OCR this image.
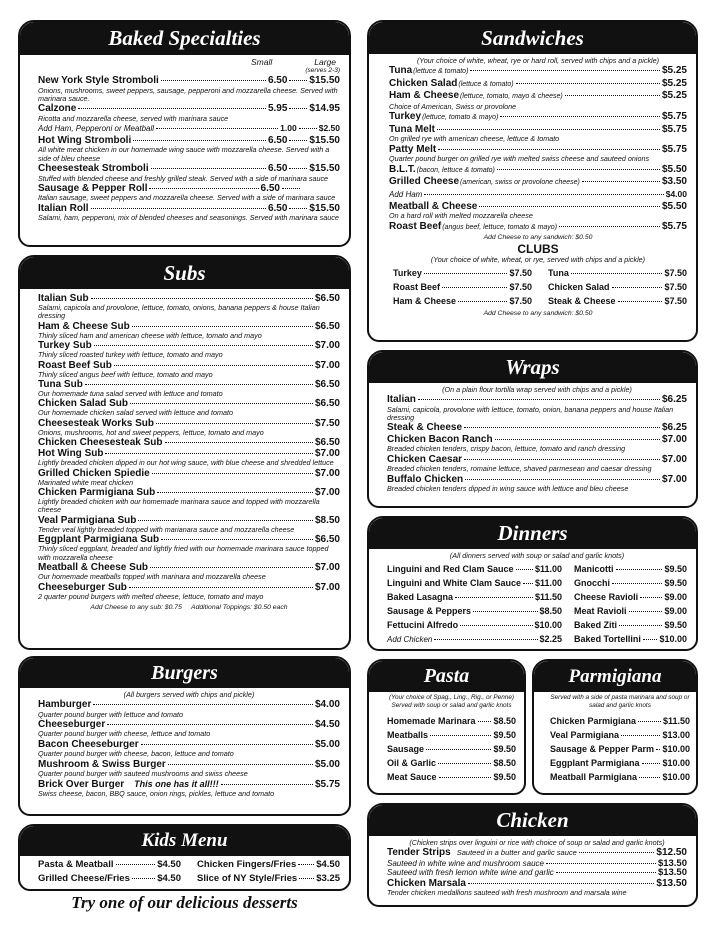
Baked Specialties
Small	Large
(serves 2-3)
New York Style Stromboli	6.50 $15.50
Onions, mushrooms, sweet peppers, sausage, pepperoni and mozzarella cheese. Served with marinara sauce.
Calzone	5.95 $14.95
Ricotta and mozzarella cheese, served with marinara sauce
Add Ham, Pepperoni or Meatball	1.00	$2.50
Hot Wing Stromboli	6.50 $15.50
All white meat chicken in our homemade wing sauce with mozzarella cheese. Served with a side of bleu cheese
Cheesesteak Stromboli	6.50 $15.50
Stuffed with blended cheese and freshly grilled steak. Served with a side of marinara sauce
Sausage & Pepper Roll	6.50
Italian sausage, sweet peppers and mozzarella cheese. Served with a side of marinara sauce
Italian Roll	6.50 $15.50
Salami, ham, pepperoni, mix of blended cheeses and seasonings. Served with marinara sauce
Subs
Italian Sub	$6.50
Salami, capicola and provolone, lettuce, tomato, onions, banana peppers & house Italian dressing
Ham & Cheese Sub	$6.50
Thinly sliced ham and american cheese with lettuce, tomato and mayo
Turkey Sub	$7.00
Thinly sliced roasted turkey with lettuce, tomato and mayo
Roast Beef Sub	$7.00
Thinly sliced angus beef with lettuce, tomato and mayo
Tuna Sub	$6.50
Our homemade tuna salad served with lettuce and tomato
Chicken Salad Sub	$6.50
Our homemade chicken salad served with lettuce and tomato
Cheesesteak Works Sub	$7.50
Onions, mushrooms, hot and sweet peppers, lettuce, tomato and mayo
Chicken Cheesesteak Sub	$6.50
Hot Wing Sub	$7.00
Lightly breaded chicken dipped in our hot wing sauce, with blue cheese and shredded lettuce
Grilled Chicken Spiedie	$7.00
Marinated white meat chicken
Chicken Parmigiana Sub	$7.00
Lightly breaded chicken with our homemade marinara sauce and topped with mozzarella cheese
Veal Parmigiana Sub	$8.50
Tender veal lightly breaded topped with marianara sauce and mozzarella cheese
Eggplant Parmigiana Sub	$6.50
Thinly sliced eggplant, breaded and lightly fried with our homemade marinara sauce topped with mozzarella cheese
Meatball & Cheese Sub	$7.00
Our homemade meatballs topped with marinara and mozzarella cheese
Cheeseburger Sub	$7.00
2 quarter pound burgers with melted cheese, lettuce, tomato and mayo
Add Cheese to any sub: $0.75     Additional Toppings: $0.50 each
Burgers
(All burgers served with chips and pickle)
Hamburger	$4.00
Quarter pound burger with lettuce and tomato
Cheeseburger	$4.50
Quarter pound burger with cheese, lettuce and tomato
Bacon Cheeseburger	$5.00
Quarter pound burger with cheese, bacon, lettuce and tomato
Mushroom & Swiss Burger	$5.00
Quarter pound burger with sauteed mushrooms and swiss cheese
Brick Over Burger This one has it all!!!	$5.75
Swiss cheese, bacon, BBQ sauce, onion rings, pickles, lettuce and tomato
Kids Menu
Pasta & Meatball	$4.50
Grilled Cheese/Fries	$4.50
Chicken Fingers/Fries $4.50
Slice of NY Style/Fries $3.25
Try one of our delicious desserts
Sandwiches
(Your choice of white, wheat, rye or hard roll, served with chips and a pickle)
Tuna (lettuce & tomato)	$5.25
Chicken Salad (lettuce & tomato)	$5.25
Ham & Cheese (lettuce, tomato, mayo & cheese)	$5.25
Choice of American, Swiss or provolone
Turkey (lettuce, tomato & mayo)	$5.75
Tuna Melt	$5.75
On grilled rye with american cheese, lettuce & tomato
Patty Melt	$5.75
Quarter pound burger on grilled rye with melted swiss cheese and sauteed onions
B.L.T. (bacon, lettuce & tomato)	$5.50
Grilled Cheese (american, swiss or provolone cheese)	$3.50
Add Ham	$4.00
Meatball & Cheese	$5.50
On a hard roll with melted mozzarella cheese
Roast Beef (angus beef, lettuce, tomato & mayo)	$5.75
Add Cheese to any sandwich: $0.50
CLUBS
(Your choice of white, wheat, or rye, served with chips and a pickle)
Turkey	$7.50 Tuna	$7.50
Roast Beef	$7.50 Chicken Salad	$7.50
Ham & Cheese	$7.50 Steak & Cheese	$7.50
Add Cheese to any sandwich: $0.50
Wraps
(On a plain flour tortilla wrap served with chips and a pickle)
Italian	$6.25
Salami, capicola, provolone with lettuce, tomato, onion, banana peppers and house Italian dressing
Steak & Cheese	$6.25
Chicken Bacon Ranch	$7.00
Breaded chicken tenders, crispy bacon, lettuce, tomato and ranch dressing
Chicken Caesar	$7.00
Breaded chicken tenders, romaine lettuce, shaved parmesean and caesar dressing
Buffalo Chicken	$7.00
Breaded chicken tenders dipped in wing sauce with lettuce and bleu cheese
Dinners
(All dinners served with soup or salad and garlic knots)
Linguini and Red Clam Sauce $11.00
Linguini and White Clam Sauce $11.00
Baked Lasagna	$11.50
Sausage & Peppers	$8.50
Fettucini Alfredo	$10.00
Add Chicken	$2.25
Manicotti	$9.50
Gnocchi	$9.50
Cheese Ravioli	$9.00
Meat Ravioli	$9.00
Baked Ziti	$9.50
Baked Tortellini $10.00
Pasta
(Your choice of Spag., Ling., Rig., or Penne) Served with soup or salad and garlic knots
Homemade Marinara $8.50
Meatballs	$9.50
Sausage	$9.50
Oil & Garlic	$8.50
Meat Sauce	$9.50
Parmigiana
Served with a side of pasta marinara and soup or salad and garlic knots
Chicken Parmigiana	$11.50
Veal Parmigiana	$13.00
Sausage & Pepper Parm $10.00
Eggplant Parmigiana	$10.00
Meatball Parmigiana	$10.00
Chicken
(Chicken strips over linguini or rice with choice of soup or salad and garlic knots)
Tender Strips Sauteed in a butter and garlic sauce	$12.50
Sauteed in white wine and mushroom sauce	$13.50
Sauteed with fresh lemon white wine and garlic	$13.50
Chicken Marsala	$13.50
Tender chicken medallions sauteed with fresh mushroom and marsala wine
